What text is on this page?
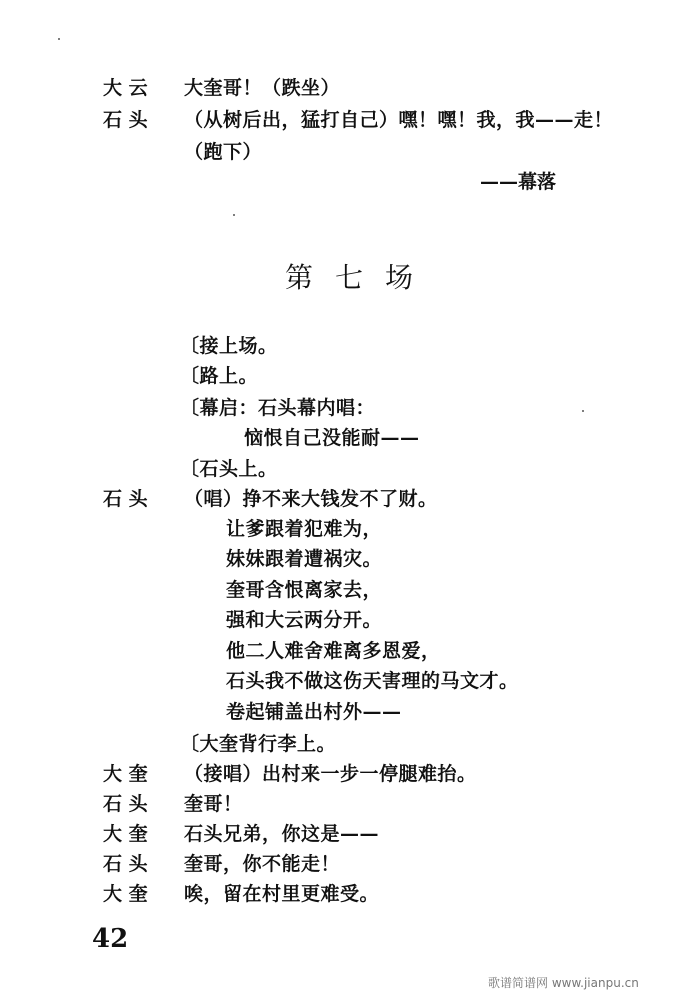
大 云 大奎哥！（跌坐）
石 头 （从树后出，猛打自己）嘿！嘿！我，我——走！
（跑下）
——幕落
第七场
〔接上场。
〔路上。
〔幕启：石头幕内唱：
恼恨自己没能耐——
〔石头上。
石 头 （唱）挣不来大钱发不了财。
让爹跟着犯难为，
妹妹跟着遭祸灾。
奎哥含恨离家去，
强和大云两分开。
他二人难舍难离多恩爱，
石头我不做这伤天害理的马文才。
卷起铺盖出村外——
〔大奎背行李上。
大 奎 （接唱）出村来一步一停腿难抬。
石 头 奎哥！
大 奎 石头兄弟，你这是——
石 头 奎哥，你不能走！
大 奎 唉，留在村里更难受。
42
歌谱简谱网 www.jianpu.cn
